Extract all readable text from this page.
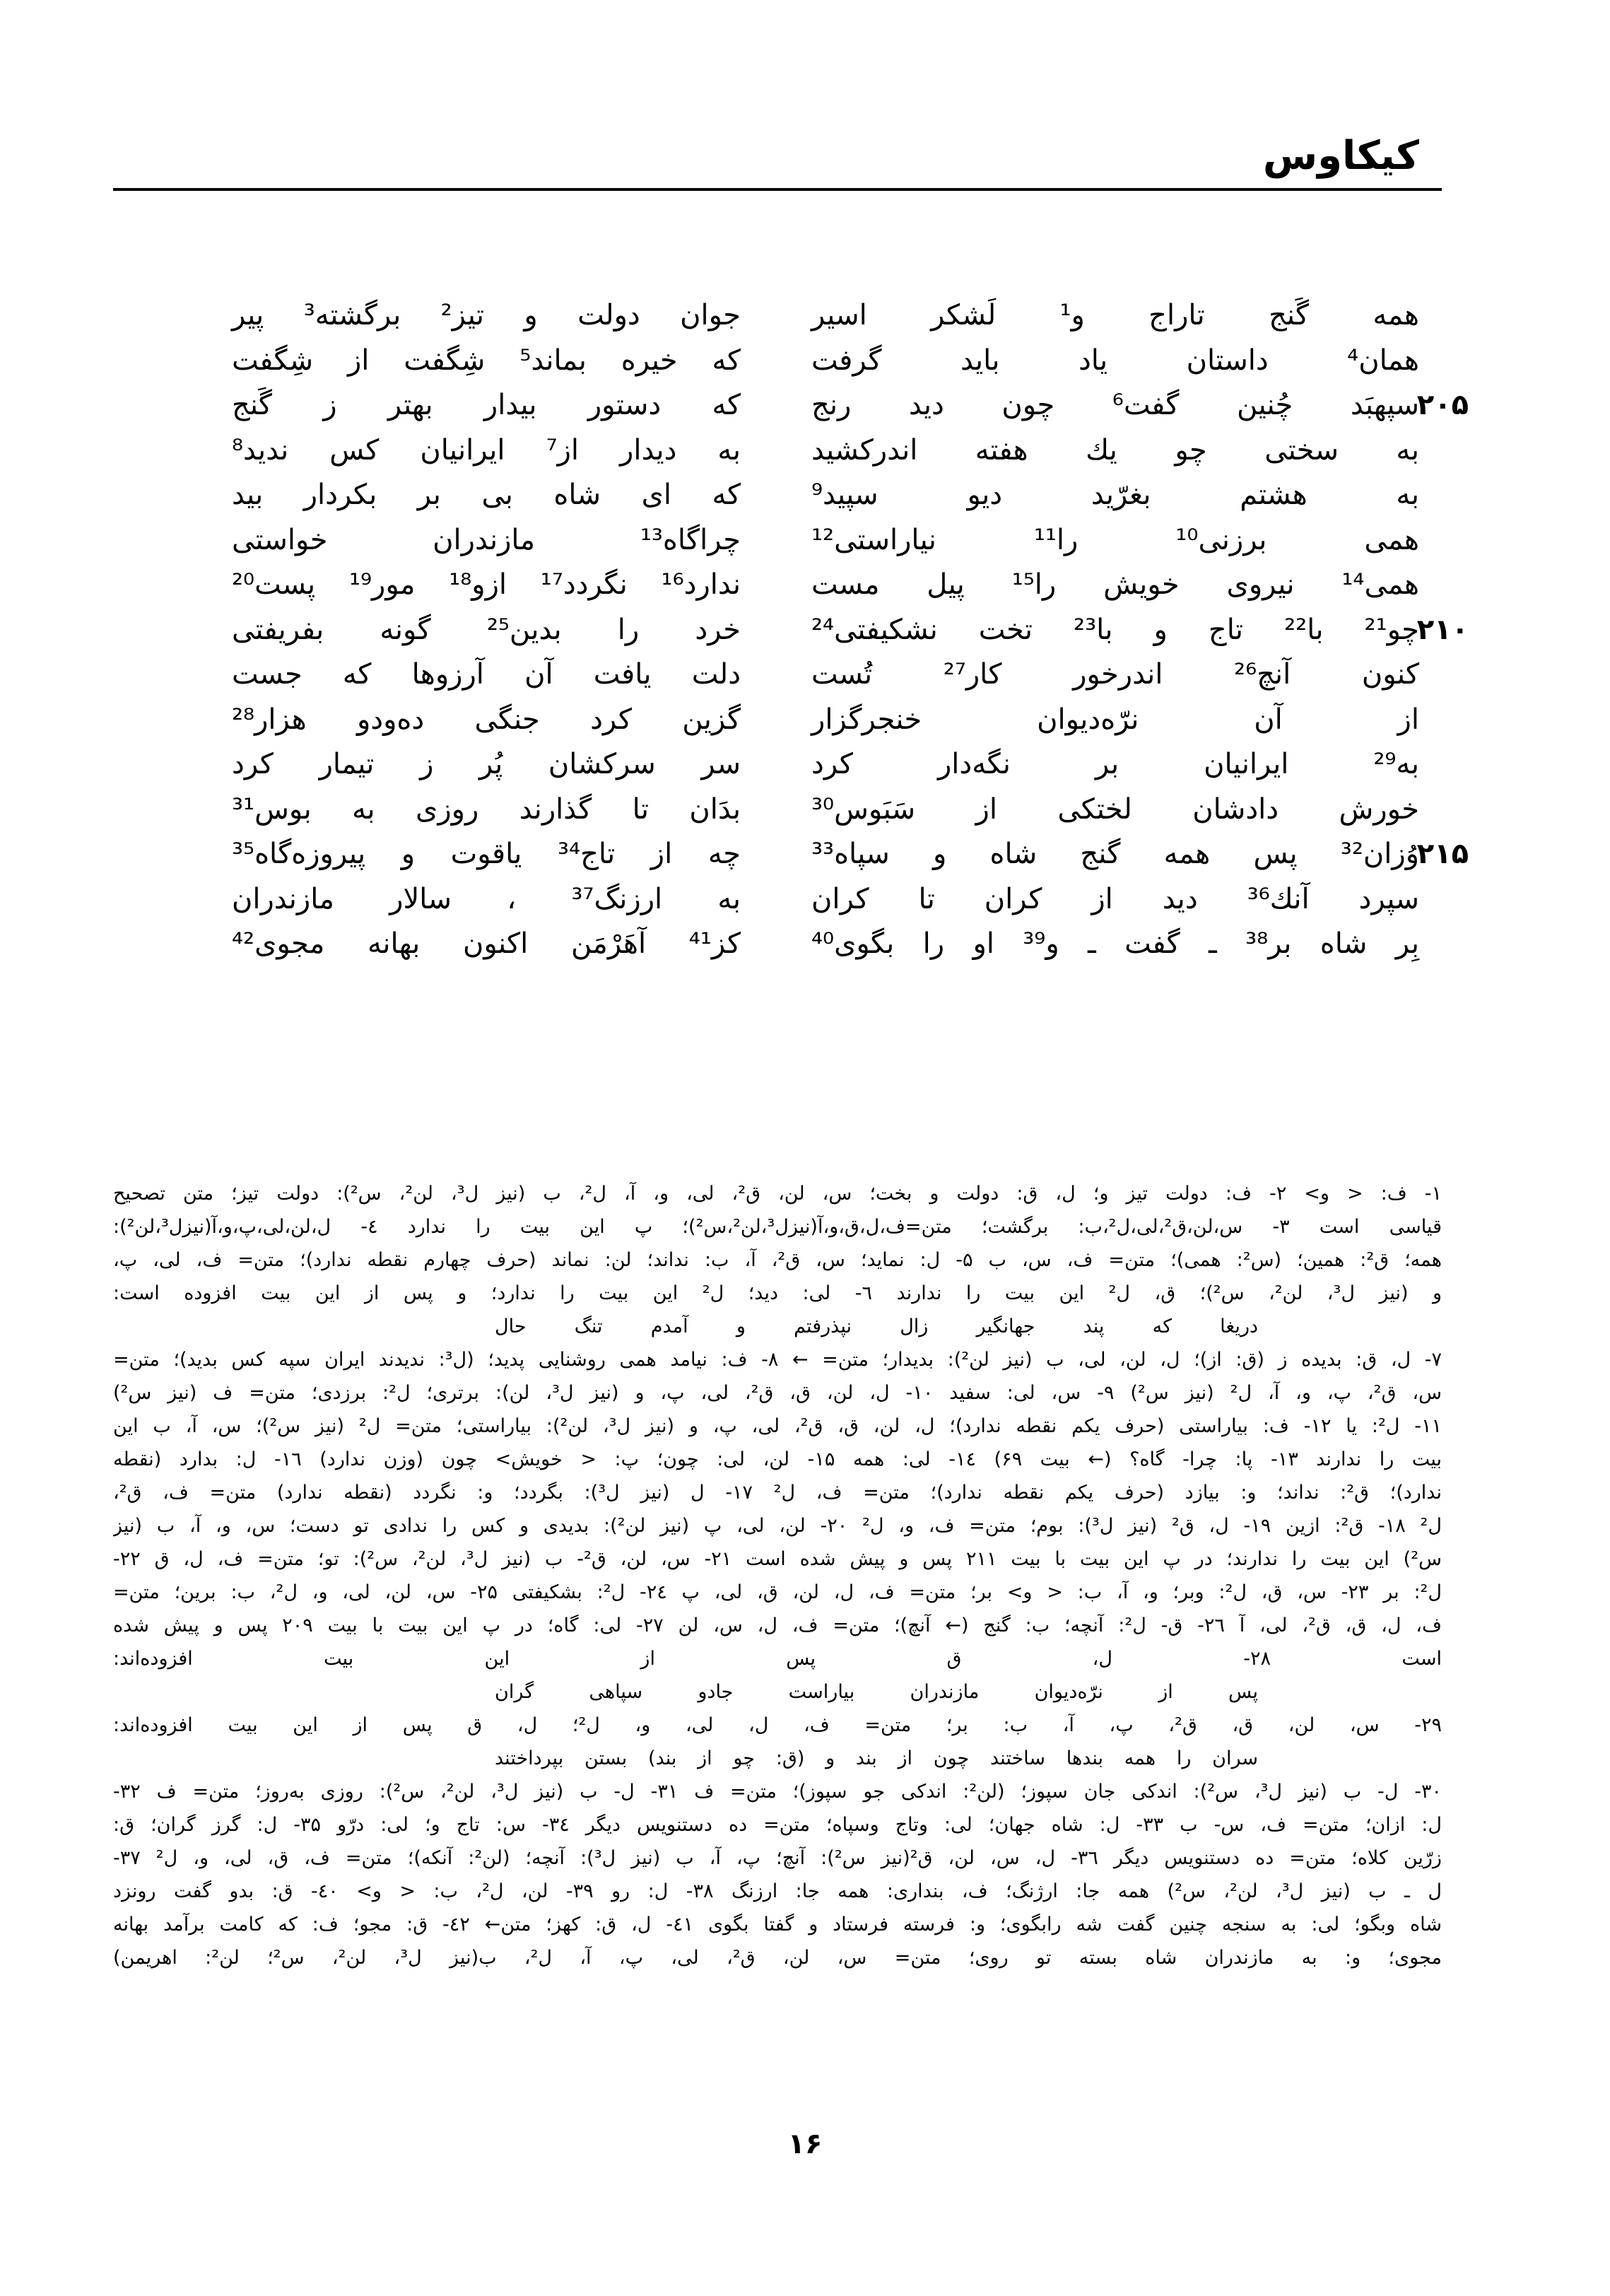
کیکاوس
همه گَنج تاراج و¹ لَشکر اسیر
جوان دولت و تیز² برگشته³ پیر
همان⁴ داستان یاد باید گرفت
که خیره بماند⁵ شِگفت از شِگفت
۲۰۵
سپهبَد چُنین گفت⁶ چون دید رنج
که دستور بیدار بهتر ز گَنج
به سختی چو یك هفته اندرکشید
به دیدار از⁷ ایرانیان کس ندید⁸
به هشتم بغرّید دیو سپید⁹
که ای شاه بی بر بکردار بید
همی برزنی¹⁰ را¹¹ نیاراستی¹²
چراگاه¹³ مازندران خواستی
همی¹⁴ نیروی خویش را¹⁵ پیل مست
ندارد¹⁶ نگردد¹⁷ ازو¹⁸ مور¹⁹ پست²⁰
۲۱۰
چو²¹ با²² تاج و با²³ تخت نشکیفتی²⁴
خرد را بدین²⁵ گونه بفریفتی
کنون آنچ²⁶ اندرخور کار²⁷ تُست
دلت یافت آن آرزوها که جست
از آن نرّه‌دیوان خنجرگزار
گزین کرد جنگی ده‌ودو هزار²⁸
به²⁹ ایرانیان بر نگه‌دار کرد
سر سرکشان پُر ز تیمار کرد
خورش دادشان لختکی از سَبَوس³⁰
بدَان تا گذارند روزی به بوس³¹
۲۱۵
وُزان³² پس همه گنج شاه و سپاه³³
چه از تاج³⁴ یاقوت و پیروزه‌گاه³⁵
سپرد آنك³⁶ دید از کران تا کران
به ارزنگ³⁷ ، سالار مازندران
بِر شاه بر³⁸ ـ گفت ـ و³⁹ او را بگوی⁴⁰
کز⁴¹ آهَرْمَن اکنون بهانه مجوی⁴²
۱- ف: < و> ۲- ف: دولت تیز و؛ ل، ق: دولت و بخت؛ س، لن، ق²، لی، و، آ، ل²، ب (نیز ل³، لن²، س²): دولت تیز؛ متن تصحیح
قیاسی است ۳- س،لن،ق²،لی،ل²،ب: برگشت؛ متن=ف،ل،ق،و،آ(نیزل³،لن²،س²)؛ پ این بیت را ندارد ٤- ل،لن،لی،پ،و،آ(نیزل³،لن²):
همه؛ ق²: همین؛ (س²: همی)؛ متن= ف، س، ب ۵- ل: نماید؛ س، ق²، آ، ب: نداند؛ لن: نماند (حرف چهارم نقطه ندارد)؛ متن= ف، لی، پ،
و (نیز ل³، لن²، س²)؛ ق، ل² این بیت را ندارند ٦- لی: دید؛ ل² این بیت را ندارد؛ و پس از این بیت افزوده است:
دریغا که پند جهانگیر زال نپذرفتم و آمدم تنگ حال
۷- ل، ق: بدیده ز (ق: از)؛ ل، لن، لی، ب (نیز لن²): بدیدار؛ متن= ← ۸- ف: نیامد همی روشنایی پدید؛ (ل³: ندیدند ایران سپه کس بدید)؛ متن=
س، ق²، پ، و، آ، ل² (نیز س²) ۹- س، لی: سفید ۱۰- ل، لن، ق، ق²، لی، پ، و (نیز ل³، لن): برتری؛ ل²: برزدی؛ متن= ف (نیز س²)
۱۱- ل²: یا ۱۲- ف: بیاراستی (حرف یکم نقطه ندارد)؛ ل، لن، ق، ق²، لی، پ، و (نیز ل³، لن²): بیاراستی؛ متن= ل² (نیز س²)؛ س، آ، ب این
بیت را ندارند ۱۳- پا: چرا- گاه؟ (← بیت ۶۹) ١٤- لی: همه ۱۵- لن، لی: چون؛ پ: < خویش> چون (وزن ندارد) ۱٦- ل: بدارد (نقطه
ندارد)؛ ق²: نداند؛ و: بیازد (حرف یکم نقطه ندارد)؛ متن= ف، ل² ۱۷- ل (نیز ل³): بگردد؛ و: نگردد (نقطه ندارد) متن= ف، ق²،
ل² ۱۸- ق²: ازین ۱۹- ل، ق² (نیز ل³): بوم؛ متن= ف، و، ل² ۲۰- لن، لی، پ (نیز لن²): بدیدی و کس را ندادی تو دست؛ س، و، آ، ب (نیز
س²) این بیت را ندارند؛ در پ این بیت با بیت ۲۱۱ پس و پیش شده است ۲۱- س، لن، ق²- ب (نیز ل³، لن²، س²): تو؛ متن= ف، ل، ق ۲۲-
ل²: بر ۲۳- س، ق، ل²: وبر؛ و، آ، ب: < و> بر؛ متن= ف، ل، لن، ق، لی، پ ٢٤- ل²: بشکیفتی ۲۵- س، لن، لی، و، ل²، ب: برین؛ متن=
ف، ل، ق، ق²، لی، آ ۲٦- ق- ل²: آنچه؛ ب: گنج (← آنچ)؛ متن= ف، ل، س، لن ۲۷- لی: گاه؛ در پ این بیت با بیت ۲۰۹ پس و پیش شده
است ۲۸- ل، ق پس از این بیت افزوده‌اند:
پس از نرّه‌دیوان مازندران بیاراست جادو سپاهی گران
۲۹- س، لن، ق، ق²، پ، آ، ب: بر؛ متن= ف، ل، لی، و، ل²؛ ل، ق پس از این بیت افزوده‌اند:
سران را همه بندها ساختند چون از بند و (ق: چو از بند) بستن بپرداختند
۳۰- ل- ب (نیز ل³، س²): اندکی جان سپوز؛ (لن²: اندکی جو سپوز)؛ متن= ف ۳۱- ل- ب (نیز ل³، لن²، س²): روزی به‌روز؛ متن= ف ۳۲-
ل: ازان؛ متن= ف، س- ب ۳۳- ل: شاه جهان؛ لی: وتاج وسپاه؛ متن= ده دستنویس دیگر ۳٤- س: تاج و؛ لی: درّو ۳۵- ل: گرز گران؛ ق:
زرّین کلاه؛ متن= ده دستنویس دیگر ۳٦- ل، س، لن، ق²(نیز س²): آنچ؛ پ، آ، ب (نیز ل³): آنچه؛ (لن²: آنکه)؛ متن= ف، ق، لی، و، ل² ۳۷-
ل ـ ب (نیز ل³، لن²، س²) همه جا: ارژنگ؛ ف، بنداری: همه جا: ارزنگ ۳۸- ل: رو ۳۹- لن، ل²، ب: < و> ٤٠- ق: بدو گفت رونزد
شاه وبگو؛ لی: به سنجه چنین گفت شه رابگوی؛ و: فرسته فرستاد و گفتا بگوی ٤١- ل، ق: کهز؛ متن← ٤٢- ق: مجو؛ ف: که کامت برآمد بهانه
مجوی؛ و: به مازندران شاه بسته تو روی؛ متن= س، لن، ق²، لی، پ، آ، ل²، ب(نیز ل³، لن²، س²؛ لن²: اهریمن)
۱۶
